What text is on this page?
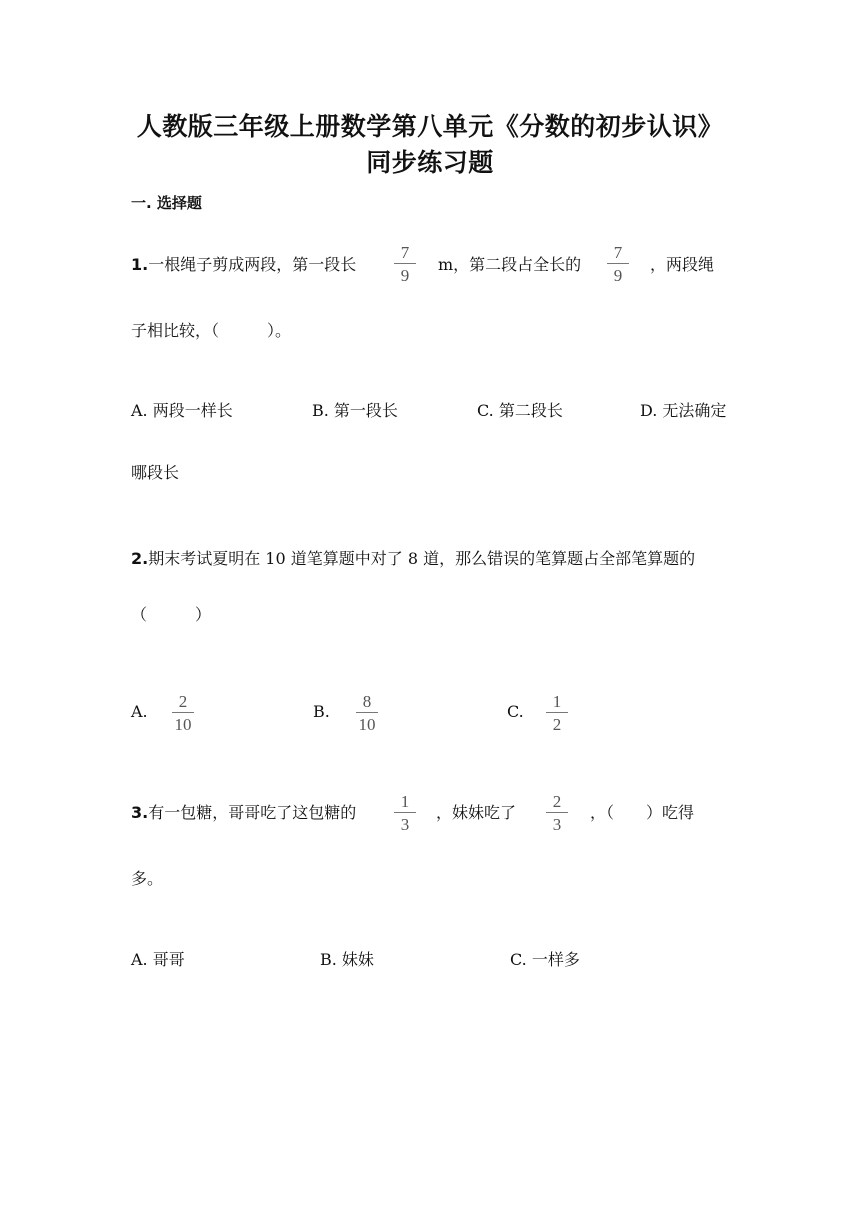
人教版三年级上册数学第八单元《分数的初步认识》
同步练习题
一. 选择题
1.一根绳子剪成两段，第一段长
7
9
m，第二段占全长的
7
9
，两段绳
子相比较，（　　　）。
A. 两段一样长	B. 第一段长	C. 第二段长	D. 无法确定
哪段长
2.期末考试夏明在 10 道笔算题中对了 8 道，那么错误的笔算题占全部笔算题的
（　　　）
A.
2
10
B.
8
10
C.
1
2
3.有一包糖，哥哥吃了这包糖的
1
3
，妹妹吃了
2
3
，（　　）吃得
多。
A. 哥哥	B. 妹妹	C. 一样多
